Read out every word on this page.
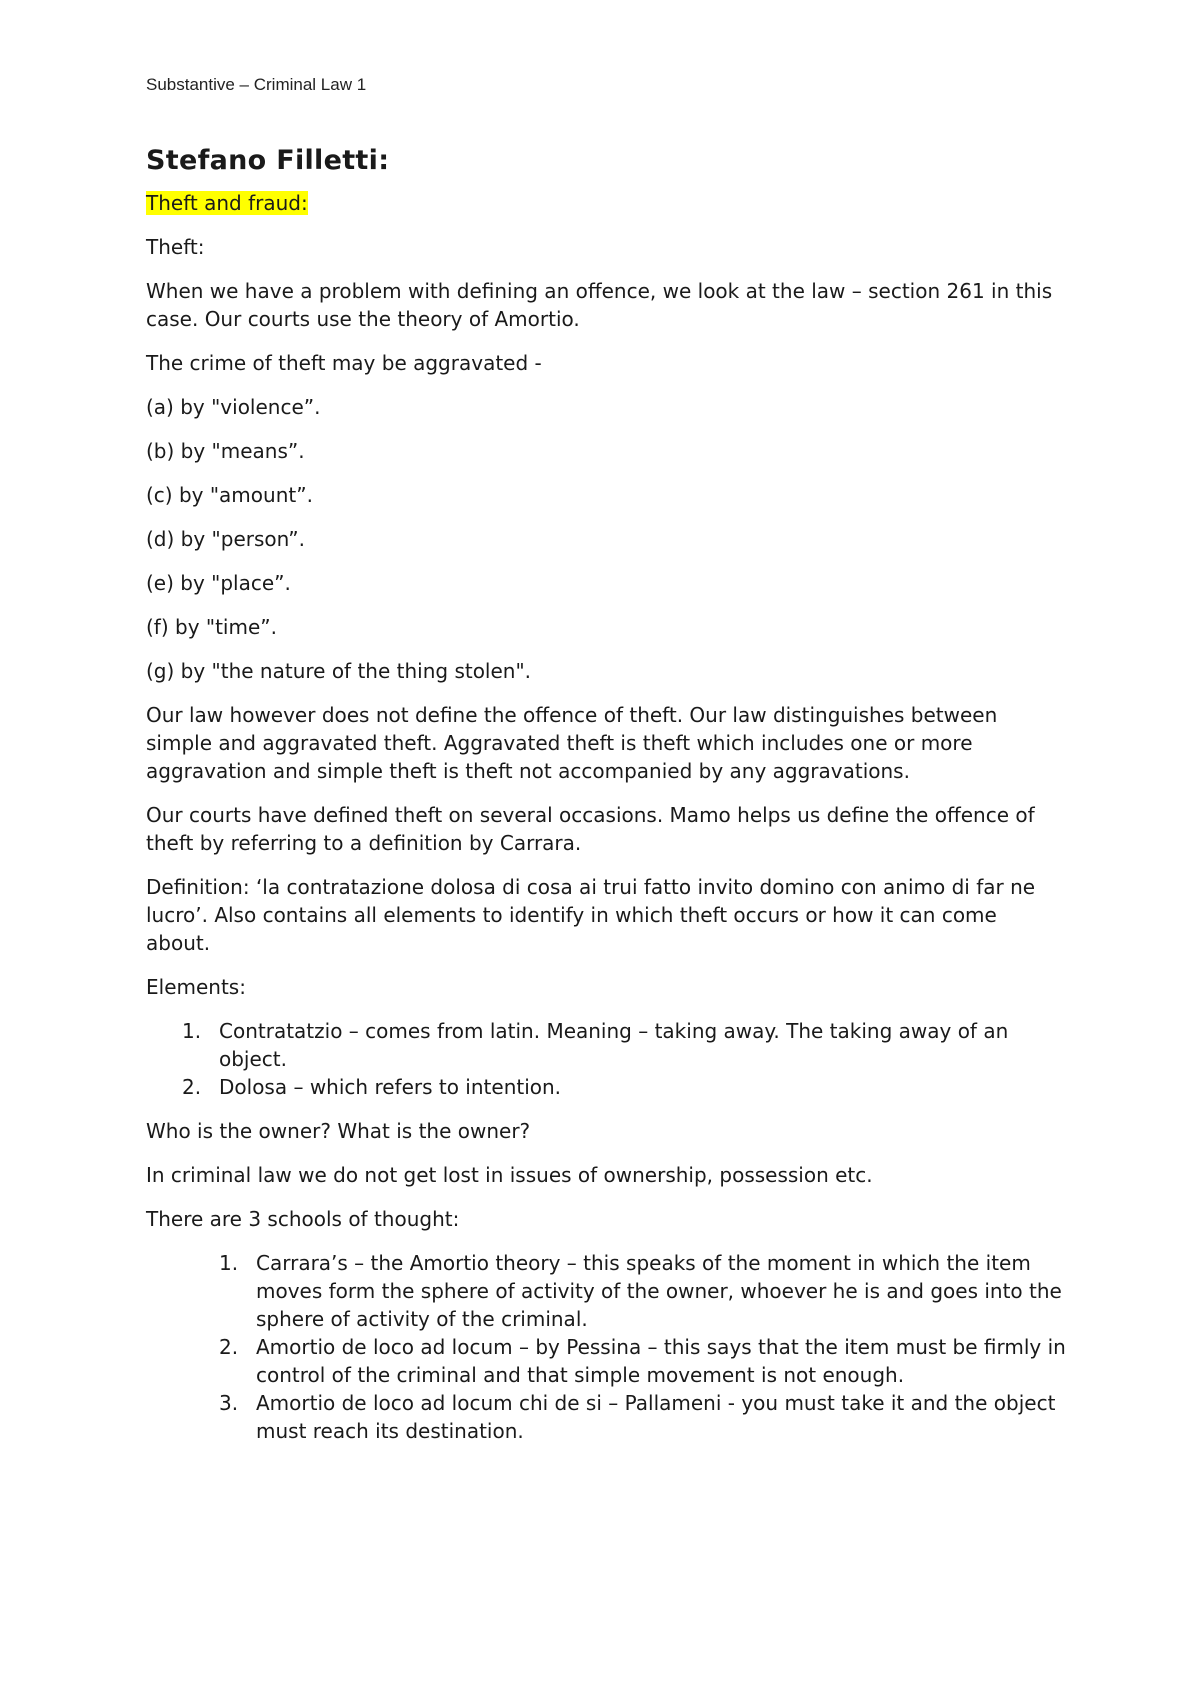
Substantive – Criminal Law 1
Stefano Filletti:

Theft and fraud:

Theft:

When we have a problem with defining an offence, we look at the law – section 261 in this case. Our courts use the theory of Amortio.

The crime of theft may be aggravated -

(a) by "violence”.

(b) by "means”.

(c) by "amount”.

(d) by "person”.

(e) by "place”.

(f) by "time”.

(g) by "the nature of the thing stolen".

Our law however does not define the offence of theft. Our law distinguishes between simple and aggravated theft. Aggravated theft is theft which includes one or more aggravation and simple theft is theft not accompanied by any aggravations.

Our courts have defined theft on several occasions. Mamo helps us define the offence of theft by referring to a definition by Carrara.

Definition: ‘la contratazione dolosa di cosa ai trui fatto invito domino con animo di far ne lucro’. Also contains all elements to identify in which theft occurs or how it can come about.

Elements:

1. Contratatzio – comes from latin. Meaning – taking away. The taking away of an object.
2. Dolosa – which refers to intention.

Who is the owner? What is the owner?

In criminal law we do not get lost in issues of ownership, possession etc.

There are 3 schools of thought:

1. Carrara’s – the Amortio theory – this speaks of the moment in which the item moves form the sphere of activity of the owner, whoever he is and goes into the sphere of activity of the criminal.
2. Amortio de loco ad locum – by Pessina – this says that the item must be firmly in control of the criminal and that simple movement is not enough.
3. Amortio de loco ad locum chi de si – Pallameni - you must take it and the object must reach its destination.
